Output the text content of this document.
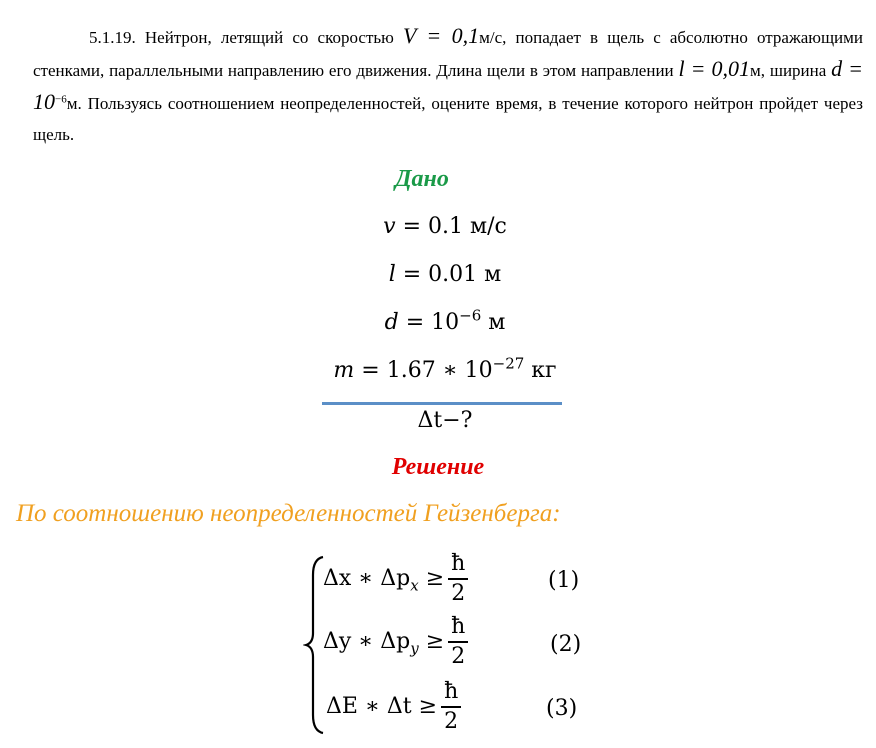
5.1.19. Нейтрон, летящий со скоростью V = 0,1м/с, попадает в щель с абсолютно отражающими стенками, параллельными направлению его движения. Длина щели в этом направлении l = 0,01м, ширина $d = 10^{-6}м$. Пользуясь соотношением неопределенностей, оцените время, в течение которого нейтрон пройдет через щель.
Дано
v = 0.1 м/с
l = 0.01 м
$d = 10^{-6}$ м
m = 1.67 ∗ $10^{-27}$ кг
Δt−?
Решение
По соотношению неопределенностей Гейзенберга:
Δx ∗ $\Delta p_x \ge \frac{ħ}{2}$	(1)
Δy ∗ $\Delta p_y \ge \frac{ħ}{2}$	(2)
ΔE ∗ $\Delta t \ge \frac{ħ}{2}$	(3)
